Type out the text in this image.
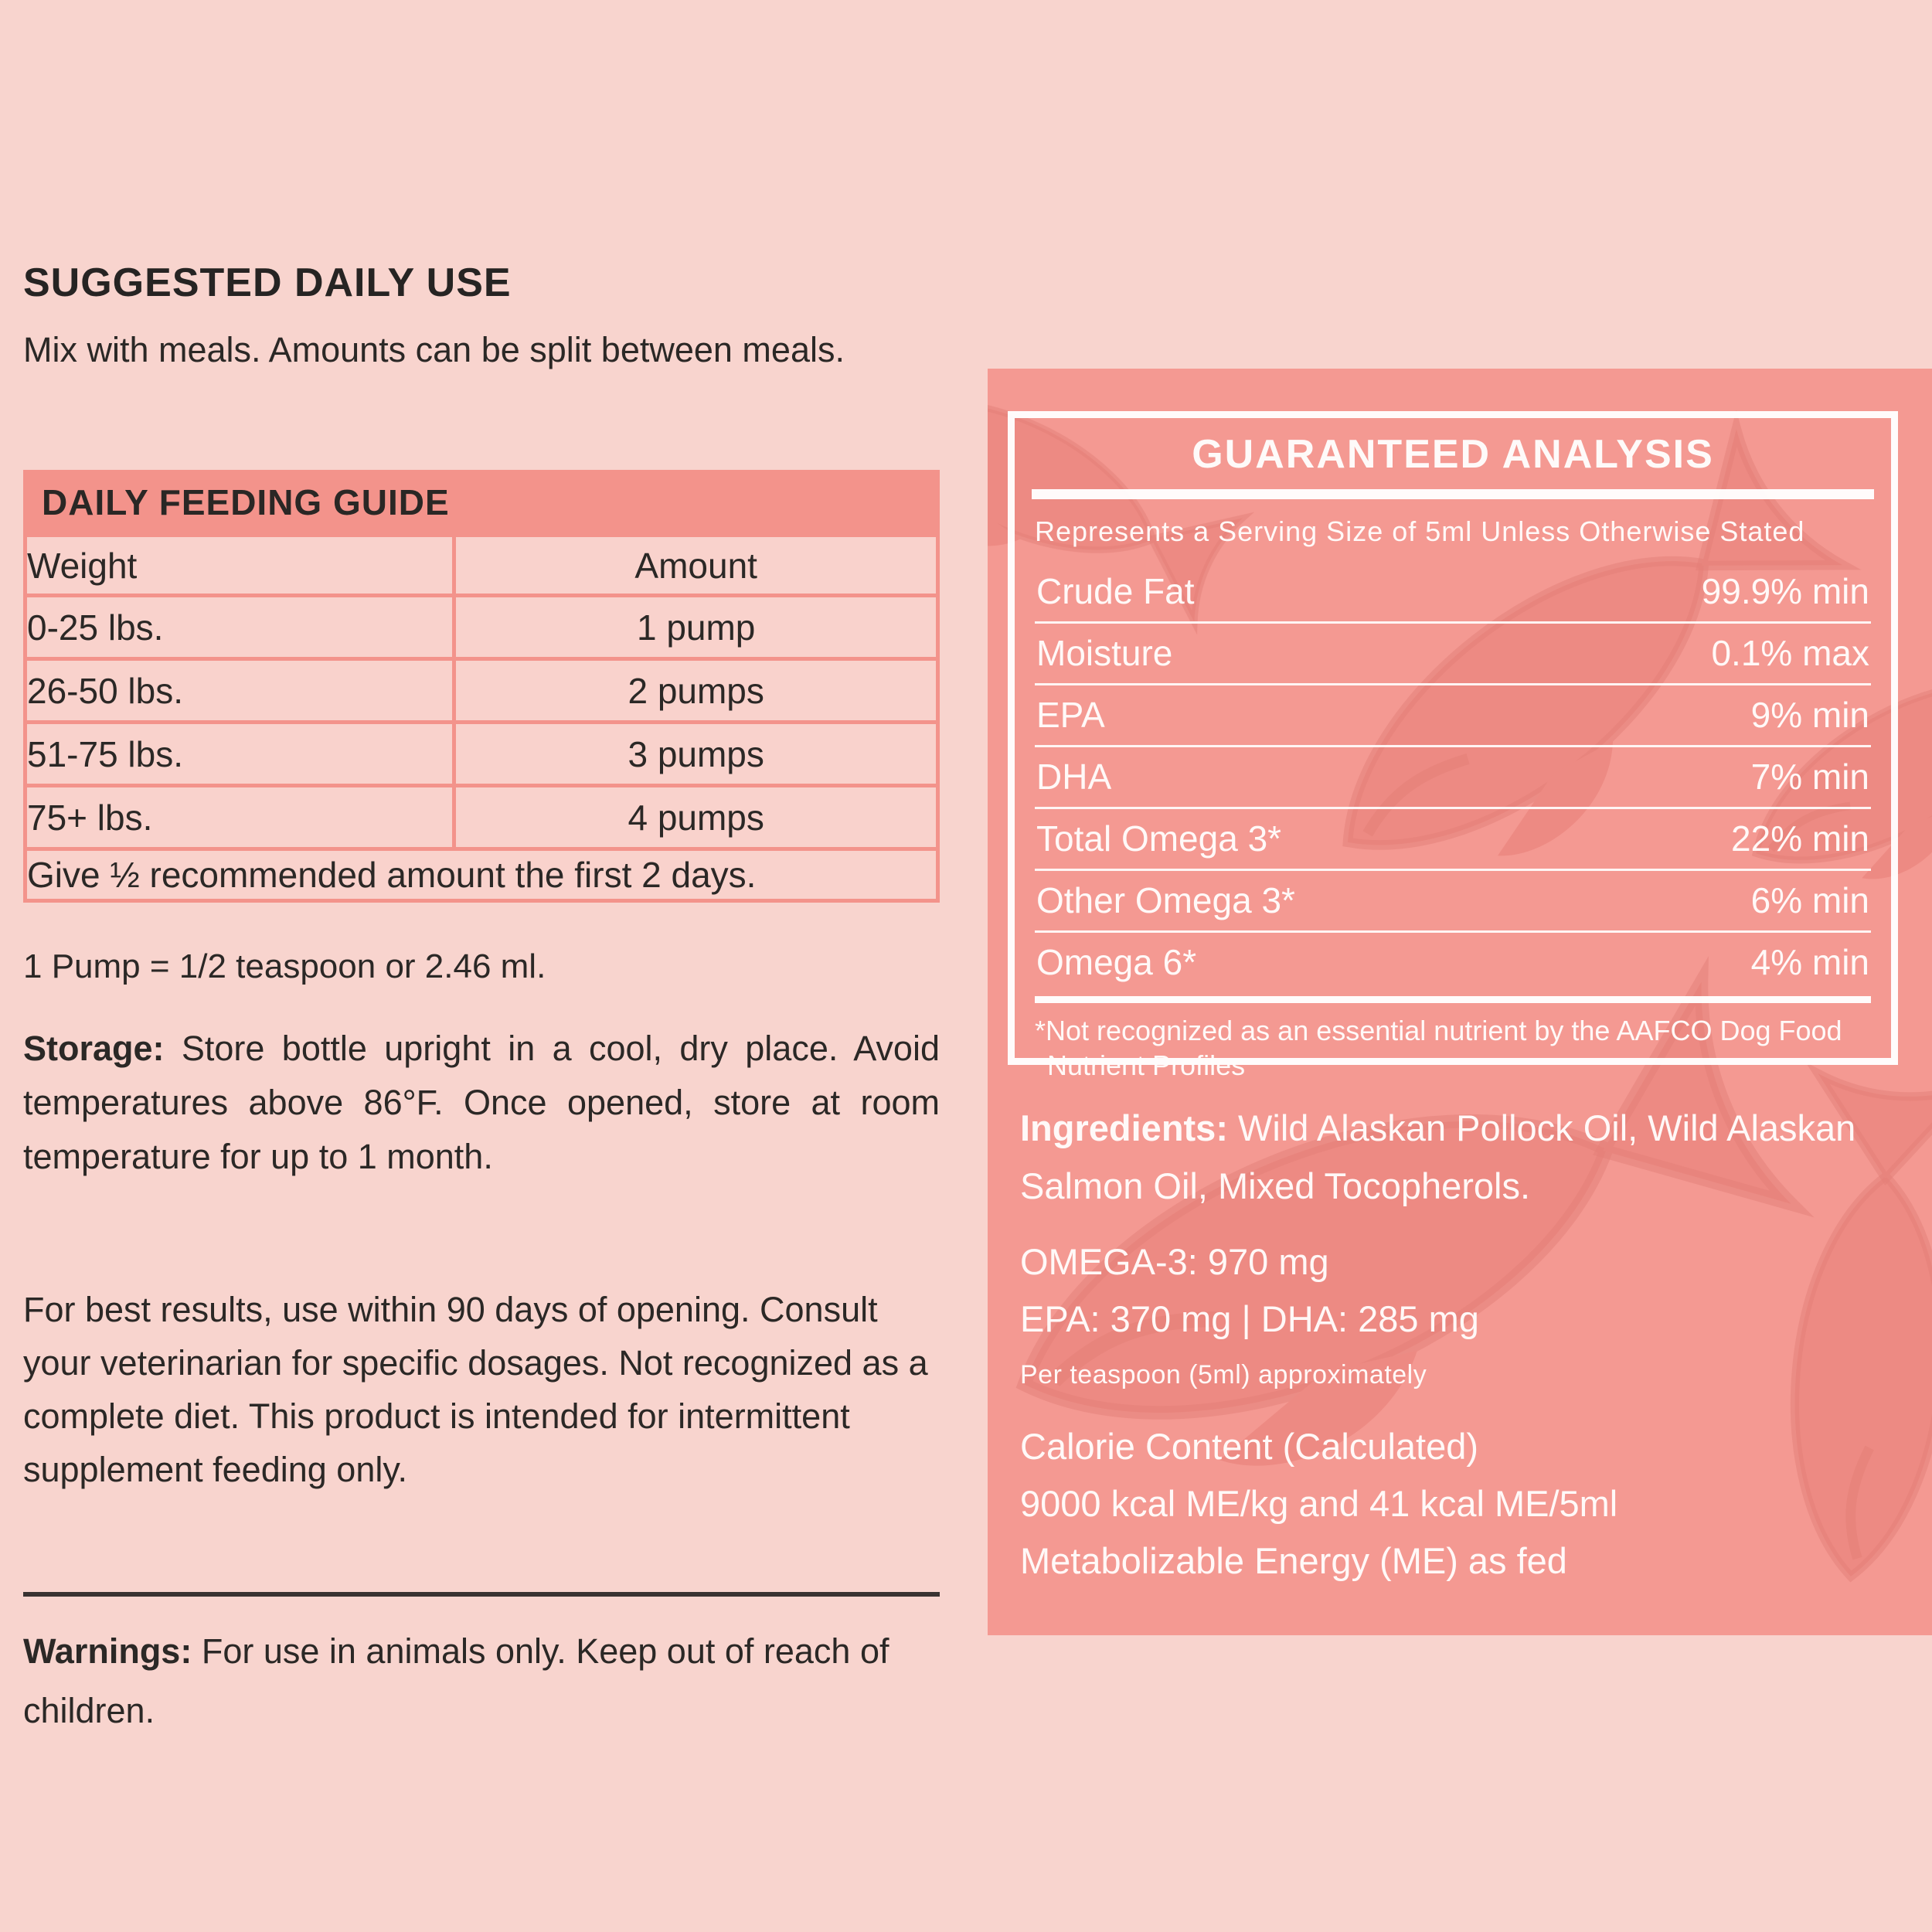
SUGGESTED DAILY USE
Mix with meals. Amounts can be split between meals.
DAILY FEEDING GUIDE
Weight	Amount
0-25 lbs.	1 pump
26-50 lbs.	2 pumps
51-75 lbs.	3 pumps
75+ lbs.	4 pumps
Give ½ recommended amount the first 2 days.	
1 Pump = 1/2 teaspoon or 2.46 ml.
Storage: Store bottle upright in a cool, dry place. Avoid temperatures above 86°F. Once opened, store at room temperature for up to 1 month.
For best results, use within 90 days of opening. Consult your veterinarian for specific dosages. Not recognized as a complete diet. This product is intended for intermittent supplement feeding only.
Warnings: For use in animals only. Keep out of reach of children.
GUARANTEED ANALYSIS
Represents a Serving Size of 5ml Unless Otherwise Stated
Crude Fat	99.9% min
Moisture	0.1% max
EPA	9% min
DHA	7% min
Total Omega 3*	22% min
Other Omega 3*	6% min
Omega 6*	4% min
*Not recognized as an essential nutrient by the AAFCO Dog Food Nutrient Profiles
Ingredients: Wild Alaskan Pollock Oil, Wild Alaskan Salmon Oil, Mixed Tocopherols.
OMEGA-3: 970 mg
EPA: 370 mg | DHA: 285 mg
Per teaspoon (5ml) approximately
Calorie Content (Calculated)
9000 kcal ME/kg and 41 kcal ME/5ml
Metabolizable Energy (ME) as fed
